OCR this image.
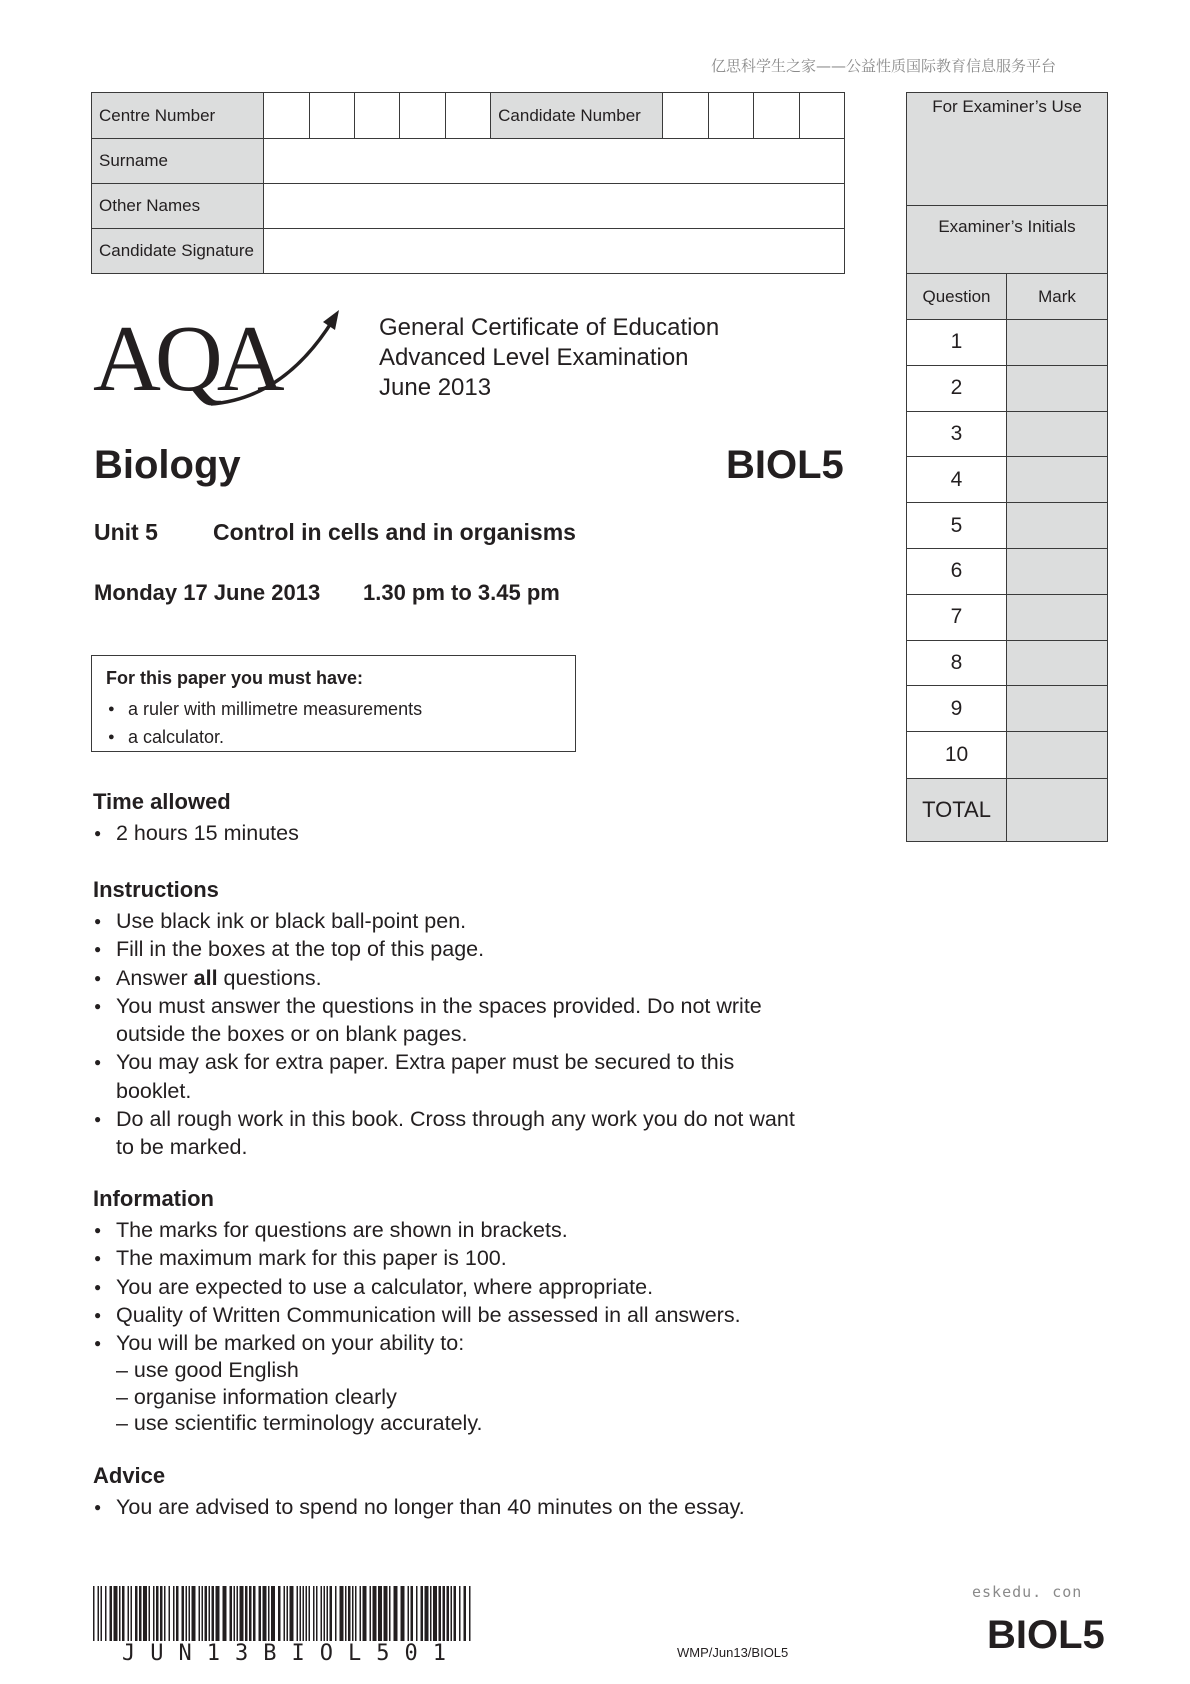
亿思科学生之家——公益性质国际教育信息服务平台
Centre Number						Candidate Number				
Surname										
Other Names										
Candidate Signature										
For Examiner’s Use
Examiner’s Initials
Question	Mark
1
2
3
4
5
6
7
8
9
10
TOTAL
AQA	General Certificate of Education
Advanced Level Examination
June 2013
Biology	BIOL5
Unit 5 Control in cells and in organisms
Monday 17 June 2013 1.30 pm to 3.45 pm
For this paper you must have:
● a ruler with millimetre measurements
● a calculator.
Time allowed
● 2 hours 15 minutes
Instructions
● Use black ink or black ball-point pen.
● Fill in the boxes at the top of this page.
● Answer all questions.
● You must answer the questions in the spaces provided. Do not write outside the boxes or on blank pages.
● You may ask for extra paper. Extra paper must be secured to this booklet.
● Do all rough work in this book. Cross through any work you do not want to be marked.
Information
● The marks for questions are shown in brackets.
● The maximum mark for this paper is 100.
● You are expected to use a calculator, where appropriate.
● Quality of Written Communication will be assessed in all answers.
● You will be marked on your ability to:
– use good English
– organise information clearly
– use scientific terminology accurately.
Advice
● You are advised to spend no longer than 40 minutes on the essay.
JUN13BIOL501	WMP/Jun13/BIOL5
eskedu. con
BIOL5
